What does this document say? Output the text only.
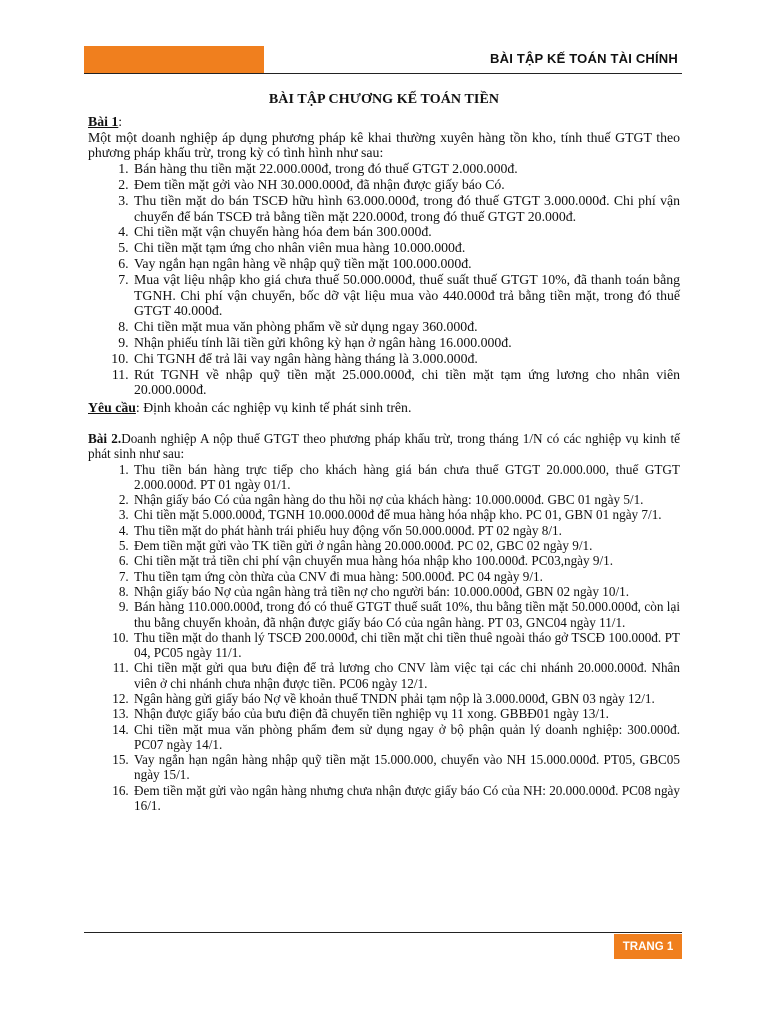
BÀI TẬP KẾ TOÁN TÀI CHÍNH
BÀI TẬP CHƯƠNG KẾ TOÁN TIỀN
Bài 1:

Một một doanh nghiệp áp dụng phương pháp kê khai thường xuyên hàng tồn kho, tính thuế GTGT theo phương pháp khấu trừ, trong kỳ có tình hình như sau:

1. Bán hàng thu tiền mặt 22.000.000đ, trong đó thuế GTGT 2.000.000đ.
2. Đem tiền mặt gởi vào NH 30.000.000đ, đã nhận được giấy báo Có.
3. Thu tiền mặt do bán TSCĐ hữu hình 63.000.000đ, trong đó thuế GTGT 3.000.000đ. Chi phí vận chuyển để bán TSCĐ trả bằng tiền mặt 220.000đ, trong đó thuế GTGT 20.000đ.
4. Chi tiền mặt vận chuyển hàng hóa đem bán 300.000đ.
5. Chi tiền mặt tạm ứng cho nhân viên mua hàng 10.000.000đ.
6. Vay ngắn hạn ngân hàng về nhập quỹ tiền mặt 100.000.000đ.
7. Mua vật liệu nhập kho giá chưa thuế 50.000.000đ, thuế suất thuế GTGT 10%, đã thanh toán bằng TGNH. Chi phí vận chuyển, bốc dỡ vật liệu mua vào 440.000đ trả bằng tiền mặt, trong đó thuế GTGT 40.000đ.
8. Chi tiền mặt mua văn phòng phẩm về sử dụng ngay 360.000đ.
9. Nhận phiếu tính lãi tiền gửi không kỳ hạn ở ngân hàng 16.000.000đ.
10. Chi TGNH để trả lãi vay ngân hàng hàng tháng là 3.000.000đ.
11. Rút TGNH về nhập quỹ tiền mặt 25.000.000đ, chi tiền mặt tạm ứng lương cho nhân viên 20.000.000đ.
Yêu cầu: Định khoản các nghiệp vụ kinh tế phát sinh trên.

Bài 2.Doanh nghiệp A nộp thuế GTGT theo phương pháp khấu trừ, trong tháng 1/N có các nghiệp vụ kinh tế phát sinh như sau:

1. Thu tiền bán hàng trực tiếp cho khách hàng giá bán chưa thuế GTGT 20.000.000, thuế GTGT 2.000.000đ. PT 01 ngày 01/1.
2. Nhận giấy báo Có của ngân hàng do thu hồi nợ của khách hàng: 10.000.000đ. GBC 01 ngày 5/1.
3. Chi tiền mặt 5.000.000đ, TGNH 10.000.000đ để mua hàng hóa nhập kho. PC 01, GBN 01 ngày 7/1.
4. Thu tiền mặt do phát hành trái phiếu huy động vốn 50.000.000đ. PT 02 ngày 8/1.
5. Đem tiền mặt gửi vào TK tiền gửi ở ngân hàng 20.000.000đ. PC 02, GBC 02 ngày 9/1.
6. Chi tiền mặt trả tiền chi phí vận chuyển mua hàng hóa nhập kho 100.000đ. PC03,ngày 9/1.
7. Thu tiền tạm ứng còn thừa của CNV đi mua hàng: 500.000đ. PC 04 ngày 9/1.
8. Nhận giấy báo Nợ của ngân hàng trả tiền nợ cho người bán: 10.000.000đ, GBN 02 ngày 10/1.
9. Bán hàng 110.000.000đ, trong đó có thuế GTGT thuế suất 10%, thu bằng tiền mặt 50.000.000đ, còn lại thu bằng chuyển khoản, đã nhận được giấy báo Có của ngân hàng. PT 03, GNC04 ngày 11/1.
10. Thu tiền mặt do thanh lý TSCĐ 200.000đ, chi tiền mặt chi tiền thuê ngoài tháo gở TSCĐ 100.000đ. PT 04, PC05 ngày 11/1.
11. Chi tiền mặt gửi qua bưu điện để trả lương cho CNV làm việc tại các chi nhánh 20.000.000đ. Nhân viên ở chi nhánh chưa nhận được tiền. PC06 ngày 12/1.
12. Ngân hàng gửi giấy báo Nợ về khoản thuế TNDN phải tạm nộp là 3.000.000đ, GBN 03 ngày 12/1.
13. Nhận được giấy báo của bưu điện đã chuyển tiền nghiệp vụ 11 xong. GBBĐ01 ngày 13/1.
14. Chi tiền mặt mua văn phòng phẩm đem sử dụng ngay ở bộ phận quản lý doanh nghiệp: 300.000đ. PC07 ngày 14/1.
15. Vay ngắn hạn ngân hàng nhập quỹ tiền mặt 15.000.000, chuyển vào NH 15.000.000đ. PT05, GBC05 ngày 15/1.
16. Đem tiền mặt gửi vào ngân hàng nhưng chưa nhận được giấy báo Có của NH: 20.000.000đ. PC08 ngày 16/1.
TRANG 1
